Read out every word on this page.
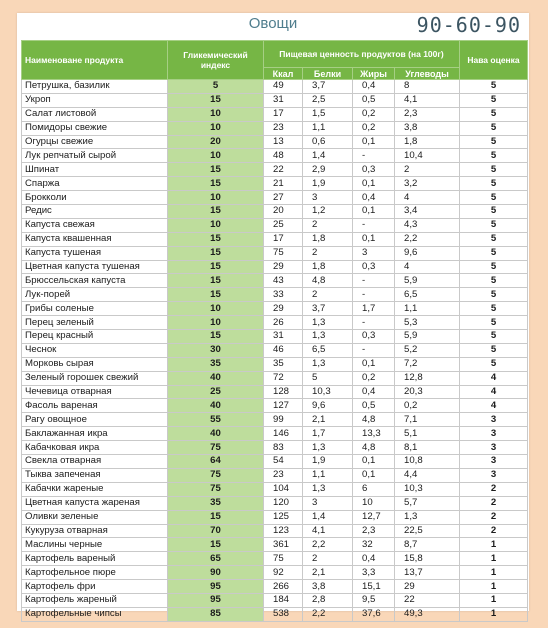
Овощи	90-60-90
Наименоване продукта	Гликемический индекс	Пищевая ценность продуктов (на 100г)				Нава оценка
		Ккал	Белки	Жиры	Углеводы	
Петрушка, базилик	5	49	3,7	0,4	8	5
Укроп	15	31	2,5	0,5	4,1	5
Салат листовой	10	17	1,5	0,2	2,3	5
Помидоры свежие	10	23	1,1	0,2	3,8	5
Огурцы свежие	20	13	0,6	0,1	1,8	5
Лук репчатый сырой	10	48	1,4	-	10,4	5
Шпинат	15	22	2,9	0,3	2	5
Спаржа	15	21	1,9	0,1	3,2	5
Брокколи	10	27	3	0,4	4	5
Редис	15	20	1,2	0,1	3,4	5
Капуста свежая	10	25	2	-	4,3	5
Капуста квашенная	15	17	1,8	0,1	2,2	5
Капуста тушеная	15	75	2	3	9,6	5
Цветная капуста тушеная	15	29	1,8	0,3	4	5
Брюссельская капуста	15	43	4,8	-	5,9	5
Лук-порей	15	33	2	-	6,5	5
Грибы соленые	10	29	3,7	1,7	1,1	5
Перец зеленый	10	26	1,3	-	5,3	5
Перец красный	15	31	1,3	0,3	5,9	5
Чеснок	30	46	6,5	-	5,2	5
Морковь сырая	35	35	1,3	0,1	7,2	5
Зеленый горошек свежий	40	72	5	0,2	12,8	4
Чечевица отварная	25	128	10,3	0,4	20,3	4
Фасоль вареная	40	127	9,6	0,5	0,2	4
Рагу овощное	55	99	2,1	4,8	7,1	3
Баклажанная икра	40	146	1,7	13,3	5,1	3
Кабачковая икра	75	83	1,3	4,8	8,1	3
Свекла отварная	64	54	1,9	0,1	10,8	3
Тыква запеченая	75	23	1,1	0,1	4,4	3
Кабачки жареные	75	104	1,3	6	10,3	2
Цветная капуста жареная	35	120	3	10	5,7	2
Оливки зеленые	15	125	1,4	12,7	1,3	2
Кукуруза отварная	70	123	4,1	2,3	22,5	2
Маслины черные	15	361	2,2	32	8,7	1
Картофель вареный	65	75	2	0,4	15,8	1
Картофельное пюре	90	92	2,1	3,3	13,7	1
Картофель фри	95	266	3,8	15,1	29	1
Картофель жареный	95	184	2,8	9,5	22	1
Картофельные чипсы	85	538	2,2	37,6	49,3	1
